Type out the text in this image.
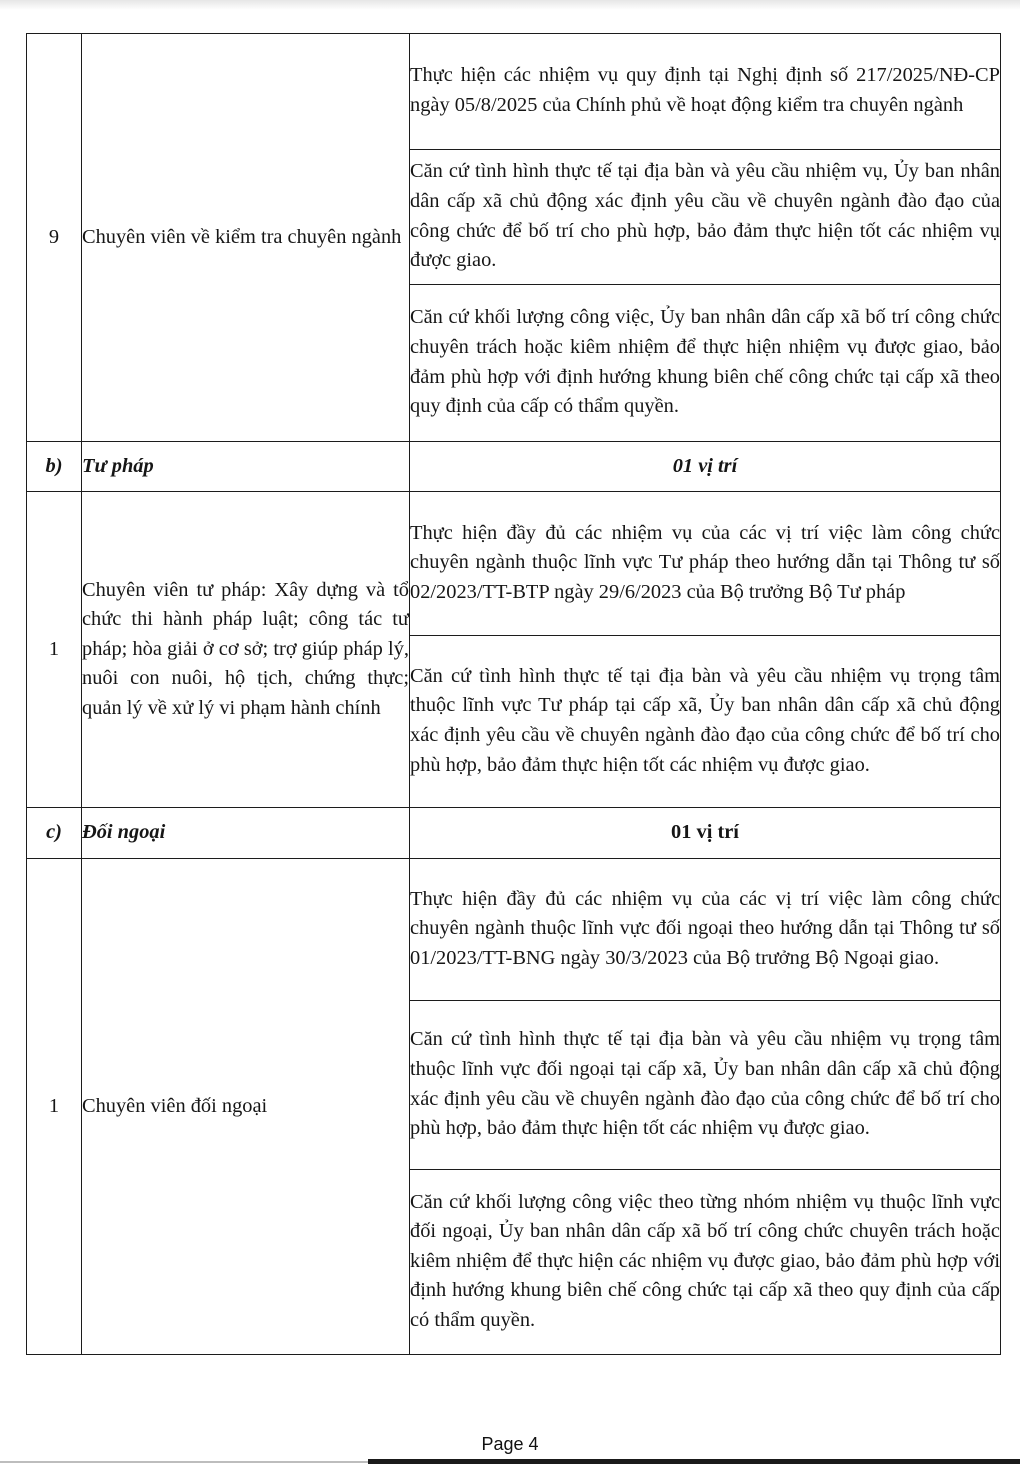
9	Chuyên viên về kiểm tra chuyên ngành	Thực hiện các nhiệm vụ quy định tại Nghị định số 217/2025/NĐ-CP ngày 05/8/2025 của Chính phủ về hoạt động kiểm tra chuyên ngành

		Căn cứ tình hình thực tế tại địa bàn và yêu cầu nhiệm vụ, Ủy ban nhân dân cấp xã chủ động xác định yêu cầu về chuyên ngành đào đạo của công chức để bố trí cho phù hợp, bảo đảm thực hiện tốt các nhiệm vụ được giao.

		Căn cứ khối lượng công việc, Ủy ban nhân dân cấp xã bố trí công chức chuyên trách hoặc kiêm nhiệm để thực hiện nhiệm vụ được giao, bảo đảm phù hợp với định hướng khung biên chế công chức tại cấp xã theo quy định của cấp có thẩm quyền.

b)	Tư pháp	01 vị trí
1	Chuyên viên tư pháp: Xây dựng và tổ chức thi hành pháp luật; công tác tư pháp; hòa giải ở cơ sở; trợ giúp pháp lý, nuôi con nuôi, hộ tịch, chứng thực; quản lý về xử lý vi phạm hành chính	Thực hiện đầy đủ các nhiệm vụ của các vị trí việc làm công chức chuyên ngành thuộc lĩnh vực Tư pháp theo hướng dẫn tại Thông tư số 02/2023/TT-BTP ngày 29/6/2023 của Bộ trưởng Bộ Tư pháp

		Căn cứ tình hình thực tế tại địa bàn và yêu cầu nhiệm vụ trọng tâm thuộc lĩnh vực Tư pháp tại cấp xã, Ủy ban nhân dân cấp xã chủ động xác định yêu cầu về chuyên ngành đào đạo của công chức để bố trí cho phù hợp, bảo đảm thực hiện tốt các nhiệm vụ được giao.

c)	Đối ngoại	01 vị trí
1	Chuyên viên đối ngoại	Thực hiện đầy đủ các nhiệm vụ của các vị trí việc làm công chức chuyên ngành thuộc lĩnh vực đối ngoại theo hướng dẫn tại Thông tư số 01/2023/TT-BNG ngày 30/3/2023 của Bộ trưởng Bộ Ngoại giao.

		Căn cứ tình hình thực tế tại địa bàn và yêu cầu nhiệm vụ trọng tâm thuộc lĩnh vực đối ngoại tại cấp xã, Ủy ban nhân dân cấp xã chủ động xác định yêu cầu về chuyên ngành đào đạo của công chức để bố trí cho phù hợp, bảo đảm thực hiện tốt các nhiệm vụ được giao.

		Căn cứ khối lượng công việc theo từng nhóm nhiệm vụ thuộc lĩnh vực đối ngoại, Ủy ban nhân dân cấp xã bố trí công chức chuyên trách hoặc kiêm nhiệm để thực hiện các nhiệm vụ được giao, bảo đảm phù hợp với định hướng khung biên chế công chức tại cấp xã theo quy định của cấp có thẩm quyền.
Page 4
